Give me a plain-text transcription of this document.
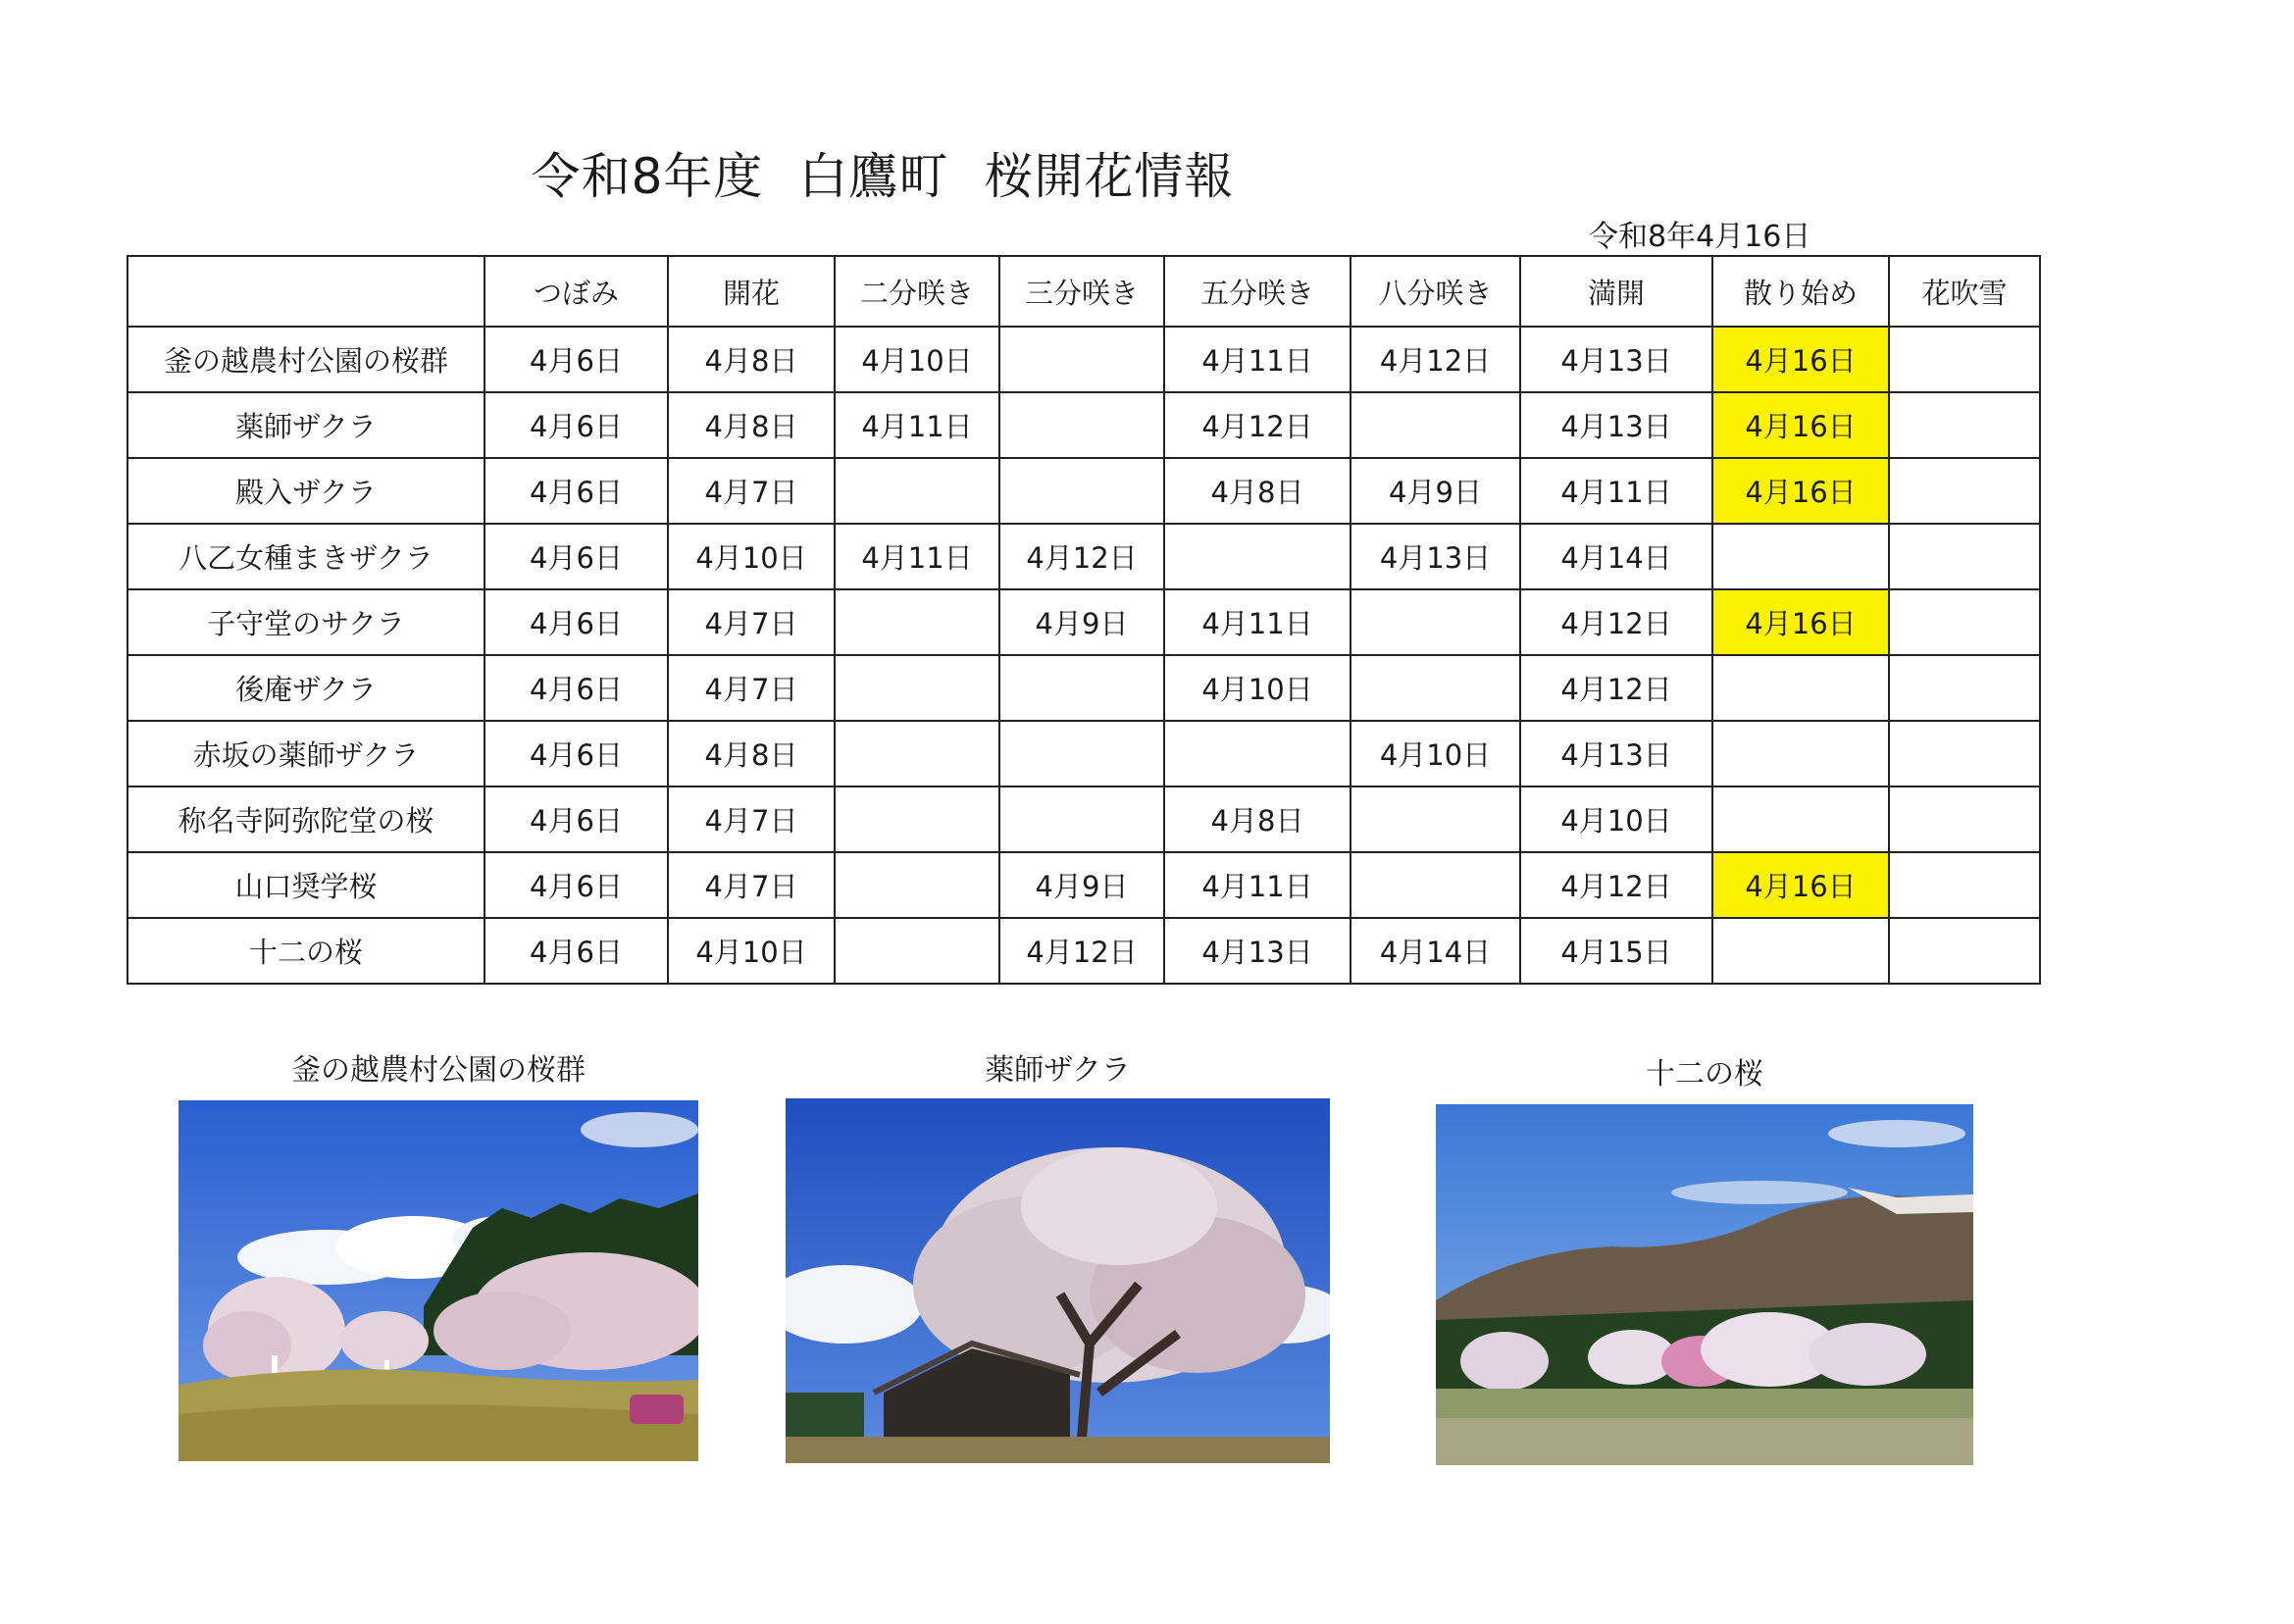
令和8年度 白鷹町 桜開花情報
令和8年4月16日
	つぼみ	開花	二分咲き	三分咲き	五分咲き	八分咲き	満開	散り始め	花吹雪
釜の越農村公園の桜群	4月6日	4月8日	4月10日		4月11日	4月12日	4月13日	4月16日	
薬師ザクラ	4月6日	4月8日	4月11日		4月12日		4月13日	4月16日	
殿入ザクラ	4月6日	4月7日			4月8日	4月9日	4月11日	4月16日	
八乙女種まきザクラ	4月6日	4月10日	4月11日	4月12日		4月13日	4月14日		
子守堂のサクラ	4月6日	4月7日		4月9日	4月11日		4月12日	4月16日	
後庵ザクラ	4月6日	4月7日			4月10日		4月12日		
赤坂の薬師ザクラ	4月6日	4月8日				4月10日	4月13日		
称名寺阿弥陀堂の桜	4月6日	4月7日			4月8日		4月10日		
山口奨学桜	4月6日	4月7日		4月9日	4月11日		4月12日	4月16日	
十二の桜	4月6日	4月10日		4月12日	4月13日	4月14日	4月15日		
釜の越農村公園の桜群	薬師ザクラ	十二の桜
